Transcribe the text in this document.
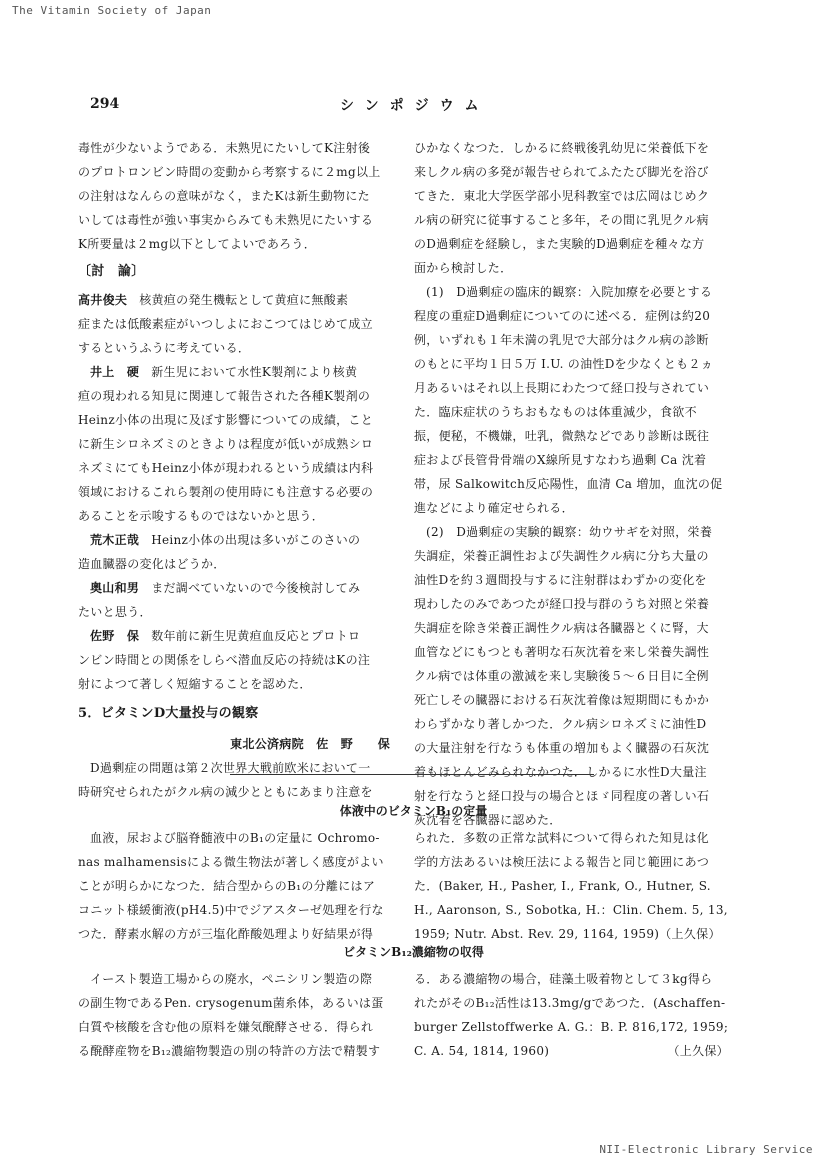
The Vitamin Society of Japan
294	シンポジウム

毒性が少ないようである．未熟児にたいしてK注射後

のプロトロンビン時間の変動から考察するに２mg以上

の注射はなんらの意味がなく，またKは新生動物にた

いしては毒性が強い事実からみても未熟児にたいする

K所要量は２mg以下としてよいであろう．

〔討　論〕

高井俊夫 核黄疸の発生機転として黄疸に無酸素

症または低酸素症がいつしよにおこつてはじめて成立

するというふうに考えている．

井上　硬 新生児において水性K製剤により核黄

疸の現われる知見に関連して報告された各種K製剤の

Heinz小体の出現に及ぼす影響についての成績，こと

に新生シロネズミのときよりは程度が低いが成熟シロ

ネズミにてもHeinz小体が現われるという成績は内科

領域におけるこれら製剤の使用時にも注意する必要の

あることを示唆するものではないかと思う．

荒木正哉 Heinz小体の出現は多いがこのさいの

造血臓器の変化はどうか．

奥山和男 まだ調べていないので今後検討してみ

たいと思う．

佐野　保 数年前に新生児黄疸血反応とプロトロ

ンビン時間との関係をしらべ潜血反応の持続はKの注

射によつて著しく短縮することを認めた．

5．ビタミンD大量投与の観察

東北公済病院　佐　野　　保

D過剰症の問題は第２次世界大戦前欧米において一

時研究せられたがクル病の減少とともにあまり注意を

ひかなくなつた．しかるに終戦後乳幼児に栄養低下を

来しクル病の多発が報告せられてふたたび脚光を浴び

てきた．東北大学医学部小児科教室では広岡はじめク

ル病の研究に従事すること多年，その間に乳児クル病

のD過剰症を経験し，また実験的D過剰症を種々な方

面から検討した．

(1)　D過剰症の臨床的観察：入院加療を必要とする

程度の重症D過剰症についてのに述べる．症例は約20

例，いずれも１年未満の乳児で大部分はクル病の診断

のもとに平均１日５万 I.U. の油性Dを少なくとも２ヵ

月あるいはそれ以上長期にわたつて経口投与されてい

た．臨床症状のうちおもなものは体重減少，食欲不

振，便秘，不機嫌，吐乳，微熱などであり診断は既往

症および長管骨骨端のX線所見すなわち過剰 Ca 沈着

帯，尿 Salkowitch反応陽性，血清 Ca 増加，血沈の促

進などにより確定せられる．

(2)　D過剰症の実験的観察：幼ウサギを対照，栄養

失調症，栄養正調性および失調性クル病に分ち大量の

油性Dを約３週間投与するに注射群はわずかの変化を

現わしたのみであつたが経口投与群のうち対照と栄養

失調症を除き栄養正調性クル病は各臓器とくに腎，大

血管などにもつとも著明な石灰沈着を来し栄養失調性

クル病では体重の激減を来し実験後５～６日目に全例

死亡しその臓器における石灰沈着像は短期間にもかか

わらずかなり著しかつた．クル病シロネズミに油性D

の大量注射を行なうも体重の増加もよく臓器の石灰沈

着もほとんどみられなかつた．しかるに水性D大量注

射を行なうと経口投与の場合とほゞ同程度の著しい石

灰沈着を各臓器に認めた．

体液中のビタミンB₁の定量

血液，尿および脳脊髄液中のB₁の定量に Ochromo-

nas malhamensisによる微生物法が著しく感度がよい

ことが明らかになつた．結合型からのB₁の分離にはア

コニット様緩衝液(pH4.5)中でジアスターゼ処理を行な

つた．酵素水解の方が三塩化酢酸処理より好結果が得

られた．多数の正常な試料について得られた知見は化

学的方法あるいは検圧法による報告と同じ範囲にあつ

た．(Baker, H., Pasher, I., Frank, O., Hutner, S.

H., Aaronson, S., Sobotka, H.：Clin. Chem. 5, 13,

1959; Nutr. Abst. Rev. 29, 1164, 1959)（上久保）

ビタミンB₁₂濃縮物の収得

イースト製造工場からの廃水，ペニシリン製造の際

の副生物であるPen. crysogenum菌糸体，あるいは蛋

白質や核酸を含む他の原料を嫌気醗酵させる．得られ

る醗酵産物をB₁₂濃縮物製造の別の特許の方法で精製す

る．ある濃縮物の場合，硅藻土吸着物として３kg得ら

れたがそのB₁₂活性は13.3mg/gであつた．(Aschaffen-

burger Zellstoffwerke A. G.：B. P. 816,172, 1959;

C. A. 54, 1814, 1960)	（上久保）

NII-Electronic Library Service
